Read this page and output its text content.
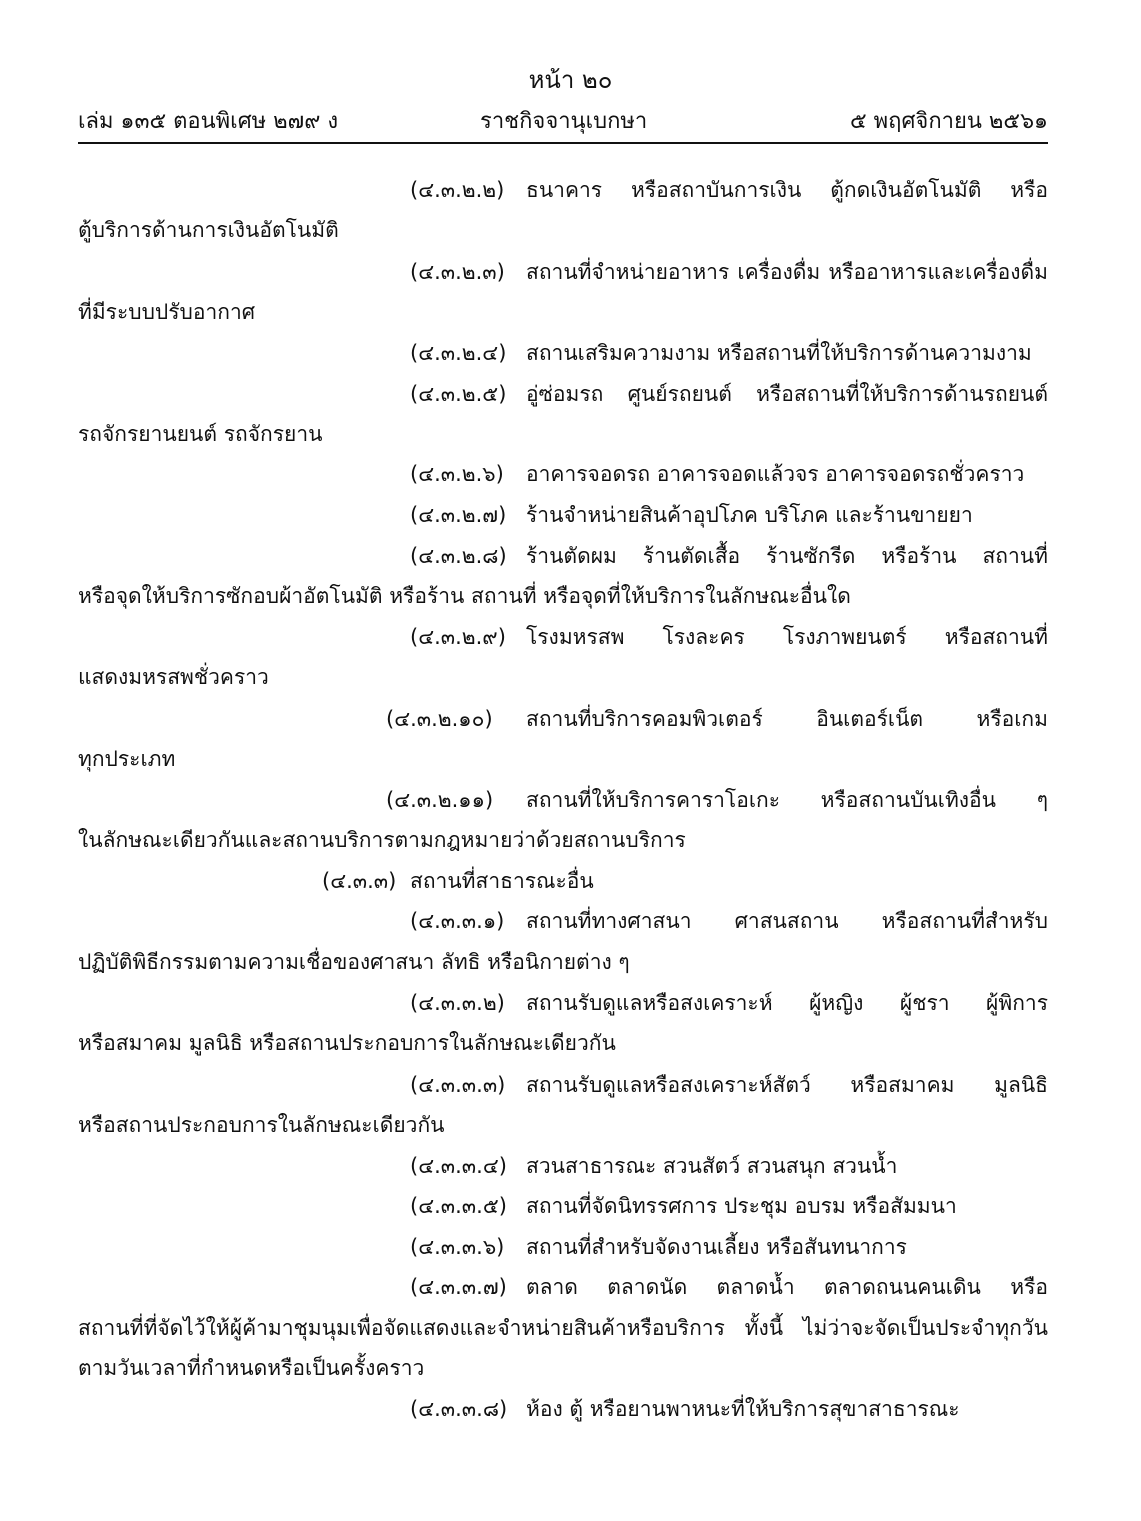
หน้า ๒๐
เล่ม ๑๓๕ ตอนพิเศษ ๒๗๙ ง	ราชกิจจานุเบกษา	๕ พฤศจิกายน ๒๕๖๑
(๔.๓.๒.๒) ธนาคาร หรือสถาบันการเงิน ตู้กดเงินอัตโนมัติ หรือ
ตู้บริการด้านการเงินอัตโนมัติ
(๔.๓.๒.๓) สถานที่จำหน่ายอาหาร เครื่องดื่ม หรืออาหารและเครื่องดื่ม
ที่มีระบบปรับอากาศ
(๔.๓.๒.๔) สถานเสริมความงาม หรือสถานที่ให้บริการด้านความงาม
(๔.๓.๒.๕) อู่ซ่อมรถ ศูนย์รถยนต์ หรือสถานที่ให้บริการด้านรถยนต์
รถจักรยานยนต์ รถจักรยาน
(๔.๓.๒.๖) อาคารจอดรถ อาคารจอดแล้วจร อาคารจอดรถชั่วคราว
(๔.๓.๒.๗) ร้านจำหน่ายสินค้าอุปโภค บริโภค และร้านขายยา
(๔.๓.๒.๘) ร้านตัดผม ร้านตัดเสื้อ ร้านซักรีด หรือร้าน สถานที่
หรือจุดให้บริการซักอบผ้าอัตโนมัติ หรือร้าน สถานที่ หรือจุดที่ให้บริการในลักษณะอื่นใด
(๔.๓.๒.๙) โรงมหรสพ โรงละคร โรงภาพยนตร์ หรือสถานที่
แสดงมหรสพชั่วคราว
(๔.๓.๒.๑๐) สถานที่บริการคอมพิวเตอร์ อินเตอร์เน็ต หรือเกม
ทุกประเภท
(๔.๓.๒.๑๑) สถานที่ให้บริการคาราโอเกะ หรือสถานบันเทิงอื่น ๆ
ในลักษณะเดียวกันและสถานบริการตามกฎหมายว่าด้วยสถานบริการ
(๔.๓.๓) สถานที่สาธารณะอื่น
(๔.๓.๓.๑) สถานที่ทางศาสนา ศาสนสถาน หรือสถานที่สำหรับ
ปฏิบัติพิธีกรรมตามความเชื่อของศาสนา ลัทธิ หรือนิกายต่าง ๆ
(๔.๓.๓.๒) สถานรับดูแลหรือสงเคราะห์ ผู้หญิง ผู้ชรา ผู้พิการ
หรือสมาคม มูลนิธิ หรือสถานประกอบการในลักษณะเดียวกัน
(๔.๓.๓.๓) สถานรับดูแลหรือสงเคราะห์สัตว์ หรือสมาคม มูลนิธิ
หรือสถานประกอบการในลักษณะเดียวกัน
(๔.๓.๓.๔) สวนสาธารณะ สวนสัตว์ สวนสนุก สวนน้ำ
(๔.๓.๓.๕) สถานที่จัดนิทรรศการ ประชุม อบรม หรือสัมมนา
(๔.๓.๓.๖) สถานที่สำหรับจัดงานเลี้ยง หรือสันทนาการ
(๔.๓.๓.๗) ตลาด ตลาดนัด ตลาดน้ำ ตลาดถนนคนเดิน หรือ
สถานที่ที่จัดไว้ให้ผู้ค้ามาชุมนุมเพื่อจัดแสดงและจำหน่ายสินค้าหรือบริการ ทั้งนี้ ไม่ว่าจะจัดเป็นประจำทุกวัน
ตามวันเวลาที่กำหนดหรือเป็นครั้งคราว
(๔.๓.๓.๘) ห้อง ตู้ หรือยานพาหนะที่ให้บริการสุขาสาธารณะ
